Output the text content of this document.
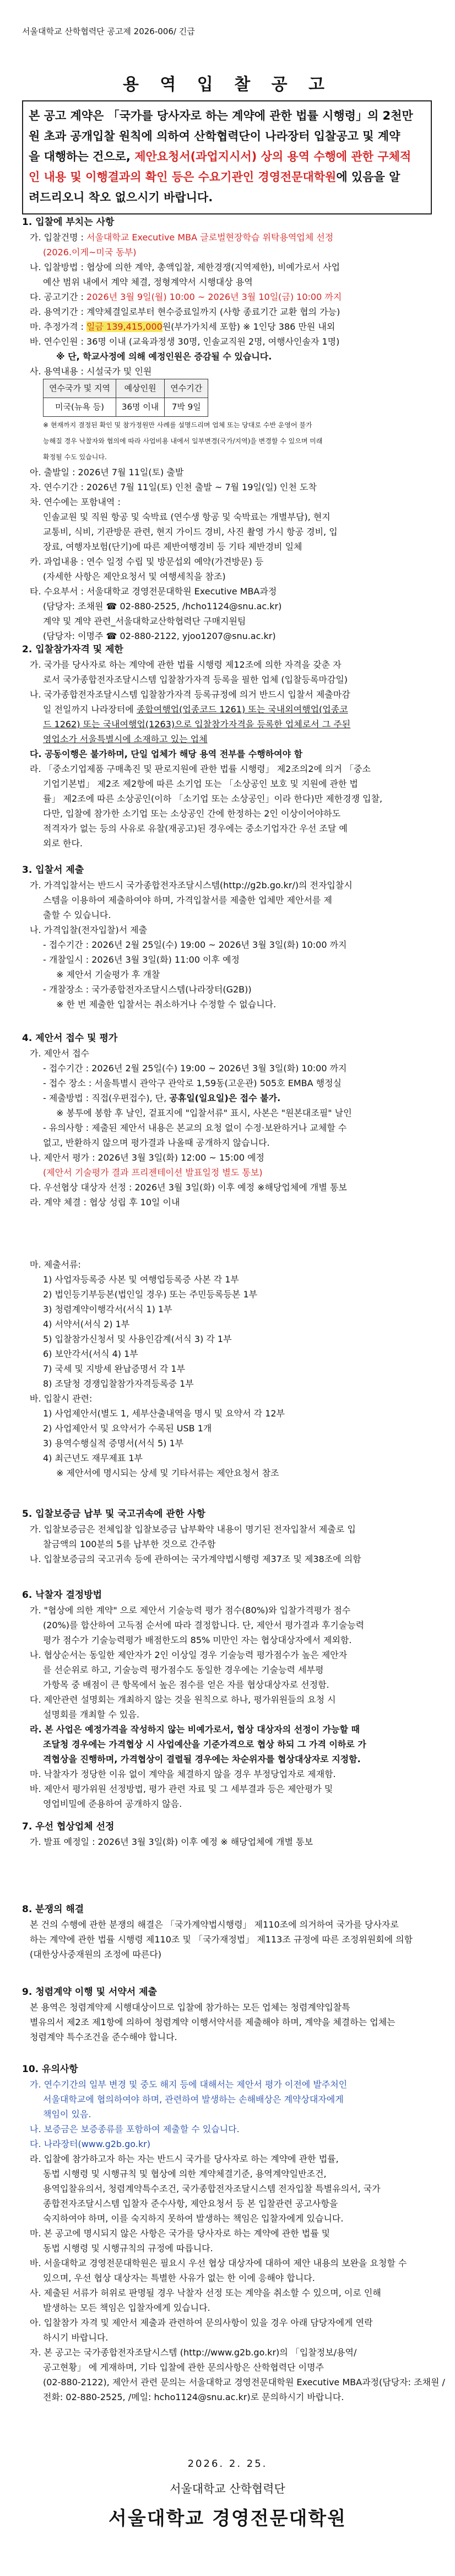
서울대학교 산학협력단 공고제 2026-006/ 긴급
용 역 입 찰 공 고
본 공고 계약은 「국가를 당사자로 하는 계약에 관한 법률 시행령」의 2천만
원 초과 공개입찰 원칙에 의하여 산학협력단이 나라장터 입찰공고 및 계약
을 대행하는 건으로, 제안요청서(과업지시서) 상의 용역 수행에 관한 구체적
인 내용 및 이행결과의 확인 등은 수요기관인 경영전문대학원에 있음을 알
려드리오니 착오 없으시기 바랍니다.
1. 입찰에 부치는 사항
가. 입찰건명 : 서울대학교 Executive MBA 글로벌현장학습 위탁용역업체 선정
(2026.이게~미국 동부)
나. 입찰방법 : 협상에 의한 계약, 총액입찰, 제한경쟁(지역제한), 비예가로서 사업
예산 범위 내에서 계약 체결, 정형계약서 시행대상 용역
다. 공고기간 : 2026년 3월 9일(월) 10:00 ~ 2026년 3월 10일(금) 10:00 까지
라. 용역기간 : 계약체결일로부터 현수증료일까지 (사항 종료기간 교환 협의 가능)
마. 추정가격 : 일금 139,415,000원(부가가치세 포함) ※ 1인당 386 만원 내외
바. 연수인원 : 36명 이내 (교육과정생 30명, 인솔교직원 2명, 여행사인솔자 1명)
※ 단, 학교사정에 의해 예정인원은 증감될 수 있습니다.
사. 용역내용 : 시설국가 및 인원
연수국가 및 지역	예상인원	연수기간
미국(뉴욕 등)	36명 이내	7박 9일
※ 현재까지 결정된 확인 및 참가정원만 사례를 설명드리며 업체 또는 당대로 수반 운영어 불가
능해질 경우 낙찰자와 협의에 따라 사업비용 내에서 일부변경(국가/지역)을 변경할 수 있으며 미래
확정될 수도 있습니다.
아. 출발일 : 2026년 7월 11일(토) 출발
자. 연수기간 : 2026년 7월 11일(토) 인천 출발 ~ 7월 19일(일) 인천 도착
차. 연수에는 포함내역 :
인솔교원 및 직원 항공 및 숙박료 (연수생 항공 및 숙박료는 개별부담), 현지
교통비, 식비, 기관방문 관련, 현지 가이드 경비, 사진 촬영 가시 항공 경비, 입
장료, 여행자보험(단기)에 따른 제반여행경비 등 기타 제반경비 일체
카. 과업내용 : 연수 일정 수립 및 방문섭외 예약(가견방문) 등
(자세한 사항은 제안요청서 및 여행세칙을 참조)
타. 수요부서 : 서울대학교 경영전문대학원 Executive MBA과정
(담당자: 조채원 ☎ 02-880-2525, /hcho1124@snu.ac.kr)
계약 및 계약 관련_서울대학교산학협력단 구매지원팀
(담당자: 이명주 ☎ 02-880-2122, yjoo1207@snu.ac.kr)
2. 입찰참가자격 및 제한
가. 국가를 당사자로 하는 계약에 관한 법률 시행령 제12조에 의한 자격을 갖춘 자
로서 국가종합전자조달시스템 입찰참가자격 등록을 필한 업체 (입찰등록마감일)
나. 국가종합전자조달시스템 입찰참가자격 등록규정에 의거 반드시 입찰서 제출마감
일 전일까지 나라장터에 종합여행업(업종코드 1261) 또는 국내외여행업(업종코
드 1262) 또는 국내여행업(1263)으로 입찰참가자격을 등록한 업체로서 그 주된
영업소가 서울특별시에 소재하고 있는 업체
다. 공동이행은 불가하며, 단일 업체가 해당 용역 전부를 수행하여야 함
라. 「중소기업제품 구매촉진 및 판로지원에 관한 법률 시행령」 제2조의2에 의거 「중소
기업기본법」 제2조 제2항에 따른 소기업 또는 「소상공인 보호 및 지원에 관한 법
률」 제2조에 따른 소상공인(이하 「소기업 또는 소상공인」이라 한다)만 제한경쟁 입찰,
다만, 입찰에 참가한 소기업 또는 소상공인 간에 한정하는 2인 이상이어야하도
적격자가 없는 등의 사유로 유찰(재공고)된 경우에는 중소기업자간 우선 조달 예
외로 한다.
3. 입찰서 제출
가. 가격입찰서는 반드시 국가종합전자조달시스템(http://g2b.go.kr/)의 전자입찰시
스템을 이용하여 제출하여야 하며, 가격입찰서를 제출한 업체만 제안서를 제
출할 수 있습니다.
나. 가격입찰(전자입찰)서 제출
- 접수기간 : 2026년 2월 25일(수) 19:00 ~ 2026년 3월 3일(화) 10:00 까지
- 개찰일시 : 2026년 3월 3일(화) 11:00 이후 예정
※ 제안서 기술평가 후 개찰
- 개찰장소 : 국가종합전자조달시스템(나라장터(G2B))
※ 한 번 제출한 입찰서는 취소하거나 수정할 수 없습니다.
4. 제안서 접수 및 평가
가. 제안서 접수
- 접수기간 : 2026년 2월 25일(수) 19:00 ~ 2026년 3월 3일(화) 10:00 까지
- 접수 장소 : 서울특별시 관악구 관악로 1,59동(고운관) 505호 EMBA 행정실
- 제출방법 : 직접(우편접수), 단, 공휴일(일요일)은 접수 불가.
※ 봉투에 봉함 후 날인, 겉표지에 "입찰서류" 표시, 사본은 "원본대조필" 날인
- 유의사항 : 제출된 제안서 내용은 본교의 요청 없이 수정·보완하거나 교체할 수
없고, 반환하지 않으며 평가결과 나올때 공개하지 않습니다.
나. 제안서 평가 : 2026년 3월 3일(화) 12:00 ~ 15:00 예정
(제안서 기술평가 결과 프리젠테이션 발표일정 별도 통보)
다. 우선협상 대상자 선정 : 2026년 3월 3일(화) 이후 예정 ※해당업체에 개별 통보
라. 계약 체결 : 협상 성립 후 10일 이내
마. 제출서류:
1) 사업자등록증 사본 및 여행업등록증 사본 각 1부
2) 법인등기부등본(법인일 경우) 또는 주민등록등본 1부
3) 청렴계약이행각서(서식 1) 1부
4) 서약서(서식 2) 1부
5) 입찰참가신청서 및 사용인감계(서식 3) 각 1부
6) 보안각서(서식 4) 1부
7) 국세 및 지방세 완납증명서 각 1부
8) 조달청 경쟁입찰참가자격등록증 1부
바. 입찰시 관련:
1) 사업제안서(별도 1, 세부산출내역을 명시 및 요약서 각 12부
2) 사업제안서 및 요약서가 수록된 USB 1개
3) 용역수행실적 증명서(서식 5) 1부
4) 최근년도 재무제표 1부
※ 제안서에 명시되는 상세 및 기타서류는 제안요청서 참조
5. 입찰보증금 납부 및 국고귀속에 관한 사항
가. 입찰보증금은 전체입찰 입찰보증금 납부확약 내용이 명기된 전자입찰서 제출로 입
찰금액의 100분의 5를 납부한 것으로 간주함
나. 입찰보증금의 국고귀속 등에 관하여는 국가계약법시행령 제37조 및 제38조에 의함
6. 낙찰자 결정방법
가. "협상에 의한 계약" 으로 제안서 기술능력 평가 점수(80%)와 입찰가격평가 점수
(20%)를 합산하여 고득점 순서에 따라 결정합니다. 단, 제안서 평가결과 후기술능력
평가 점수가 기술능력평가 배점한도의 85% 미만인 자는 협상대상자에서 제외함.
나. 협상순서는 동일한 제안자가 2인 이상일 경우 기술능력 평가점수가 높은 제안자
를 선순위로 하고, 기술능력 평가점수도 동일한 경우에는 기술능력 세부평
가항목 중 배점이 큰 항목에서 높은 점수를 얻은 자를 협상대상자로 선정함.
다. 제안관련 설명회는 개최하지 않는 것을 원칙으로 하나, 평가위원들의 요청 시
설명회를 개최할 수 있음.
라. 본 사업은 예정가격을 작성하지 않는 비예가로서, 협상 대상자의 선정이 가능할 때
조달청 경우에는 가격협상 시 사업예산을 기준가격으로 협상 하되 그 가격 이하로 가
격협상을 진행하며, 가격협상이 결렬될 경우에는 차순위자를 협상대상자로 지정함.
마. 낙찰자가 정당한 이유 없이 계약을 체결하지 않을 경우 부정당업자로 제재함.
바. 제안서 평가위원 선정방법, 평가 관련 자료 및 그 세부결과 등은 제안평가 및
영업비밀에 준용하여 공개하지 않음.
7. 우선 협상업체 선정
가. 발표 예정일 : 2026년 3월 3일(화) 이후 예정 ※ 해당업체에 개별 통보
8. 분쟁의 해결
본 건의 수행에 관한 분쟁의 해결은 「국가계약법시행령」 제110조에 의거하여 국가를 당사자로
하는 계약에 관한 법률 시행령 제110조 및 「국가재정법」 제113조 규정에 따른 조정위원회에 의함
(대한상사중재원의 조정에 따른다)
9. 청렴계약 이행 및 서약서 제출
본 용역은 청렴계약제 시행대상이므로 입찰에 참가하는 모든 업체는 청렴계약입찰특
별유의서 제2조 제1항에 의하여 청렴계약 이행서약서를 제출해야 하며, 계약을 체결하는 업체는
청렴계약 특수조건을 준수해야 합니다.
10. 유의사항
가. 연수기간의 일부 변경 및 중도 해지 등에 대해서는 제안서 평가 이전에 발주처인
서울대학교에 협의하여야 하며, 관련하여 발생하는 손해배상은 계약상대자에게
책임이 있음.
나. 보증금은 보증종류를 포함하여 제출할 수 있습니다.
다. 나라장터(www.g2b.go.kr)
라. 입찰에 참가하고자 하는 자는 반드시 국가를 당사자로 하는 계약에 관한 법률,
동법 시행령 및 시행규칙 및 협상에 의한 계약체결기준, 용역계약일반조건,
용역입찰유의서, 청렴계약특수조건, 국가종합전자조달시스템 전자입찰 특별유의서, 국가
종합전자조달시스템 입찰자 준수사항, 제안요청서 등 본 입찰관련 공고사항을
숙지하여야 하며, 이를 숙지하지 못하여 발생하는 책임은 입찰자에게 있습니다.
마. 본 공고에 명시되지 않은 사항은 국가를 당사자로 하는 계약에 관한 법률 및
동법 시행령 및 시행규칙의 규정에 따릅니다.
바. 서울대학교 경영전문대학원은 필요시 우선 협상 대상자에 대하여 제안 내용의 보완을 요청할 수
있으며, 우선 협상 대상자는 특별한 사유가 없는 한 이에 응해야 합니다.
사. 제출된 서류가 허위로 판명될 경우 낙찰자 선정 또는 계약을 취소할 수 있으며, 이로 인해
발생하는 모든 책임은 입찰자에게 있습니다.
아. 입찰참가 자격 및 제안서 제출과 관련하여 문의사항이 있을 경우 아래 담당자에게 연락
하시기 바랍니다.
자. 본 공고는 국가종합전자조달시스템 (http://www.g2b.go.kr)의 「입찰정보/용역/
공고현황」 에 게재하며, 기타 입찰에 관한 문의사항은 산학협력단 이명주
(02-880-2122), 제안서 관련 문의는 서울대학교 경영전문대학원 Executive MBA과정(담당자: 조채원 /
전화: 02-880-2525, /메일: hcho1124@snu.ac.kr)로 문의하시기 바랍니다.
2026. 2. 25.
서울대학교 산학협력단
서울대학교 경영전문대학원
